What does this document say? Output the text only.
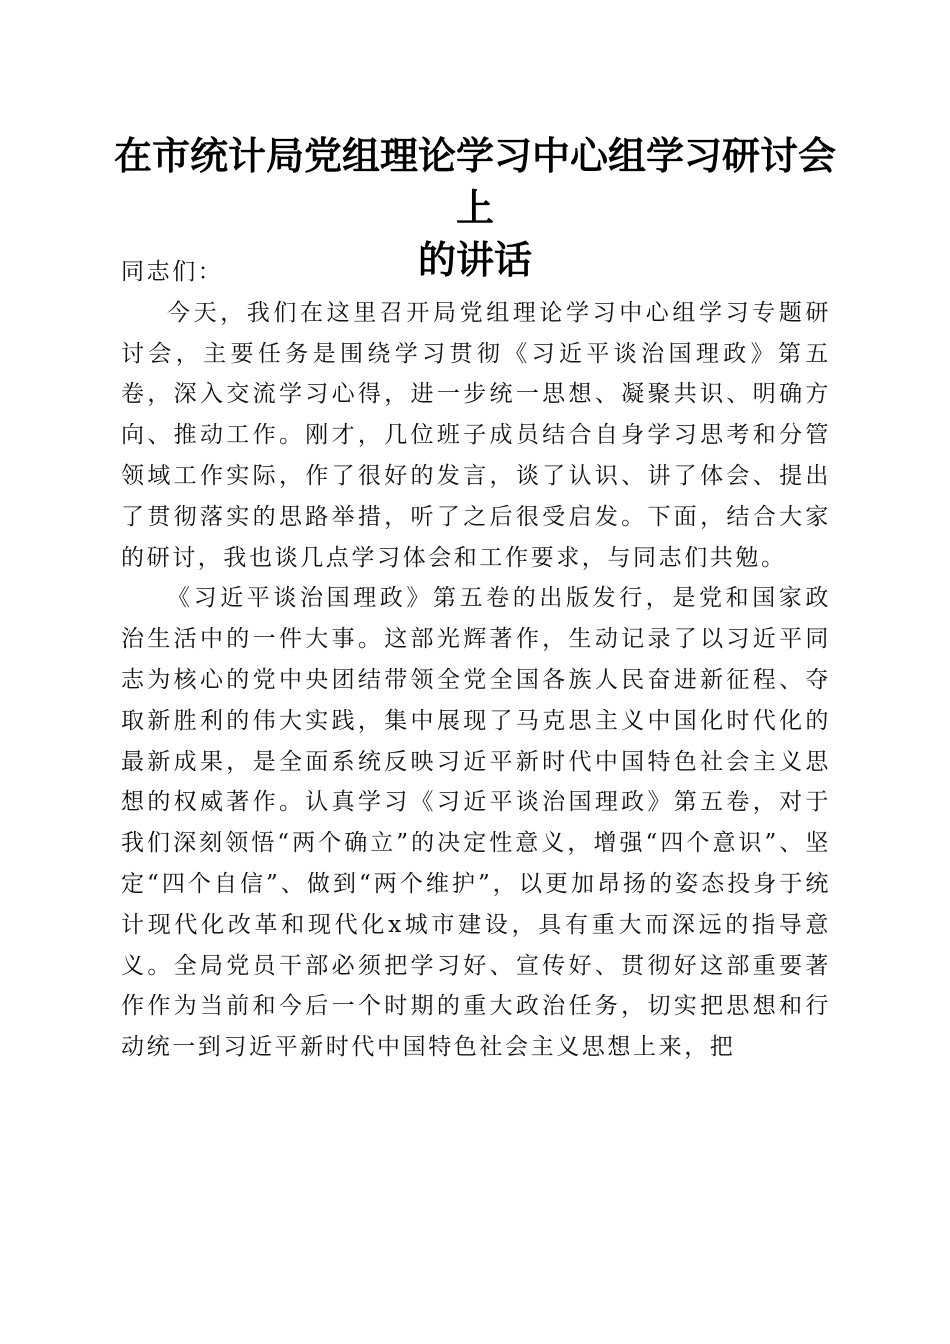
在市统计局党组理论学习中心组学习研讨会上
的讲话

同志们：

今天，我们在这里召开局党组理论学习中心组学习专题研讨会，主要任务是围绕学习贯彻《习近平谈治国理政》第五卷，深入交流学习心得，进一步统一思想、凝聚共识、明确方向、推动工作。刚才，几位班子成员结合自身学习思考和分管领域工作实际，作了很好的发言，谈了认识、讲了体会、提出了贯彻落实的思路举措，听了之后很受启发。下面，结合大家的研讨，我也谈几点学习体会和工作要求，与同志们共勉。

《习近平谈治国理政》第五卷的出版发行，是党和国家政治生活中的一件大事。这部光辉著作，生动记录了以习近平同志为核心的党中央团结带领全党全国各族人民奋进新征程、夺取新胜利的伟大实践，集中展现了马克思主义中国化时代化的最新成果，是全面系统反映习近平新时代中国特色社会主义思想的权威著作。认真学习《习近平谈治国理政》第五卷，对于我们深刻领悟“两个确立”的决定性意义，增强“四个意识”、坚定“四个自信”、做到“两个维护”，以更加昂扬的姿态投身于统计现代化改革和现代化x城市建设，具有重大而深远的指导意义。全局党员干部必须把学习好、宣传好、贯彻好这部重要著作作为当前和今后一个时期的重大政治任务，切实把思想和行动统一到习近平新时代中国特色社会主义思想上来，把
